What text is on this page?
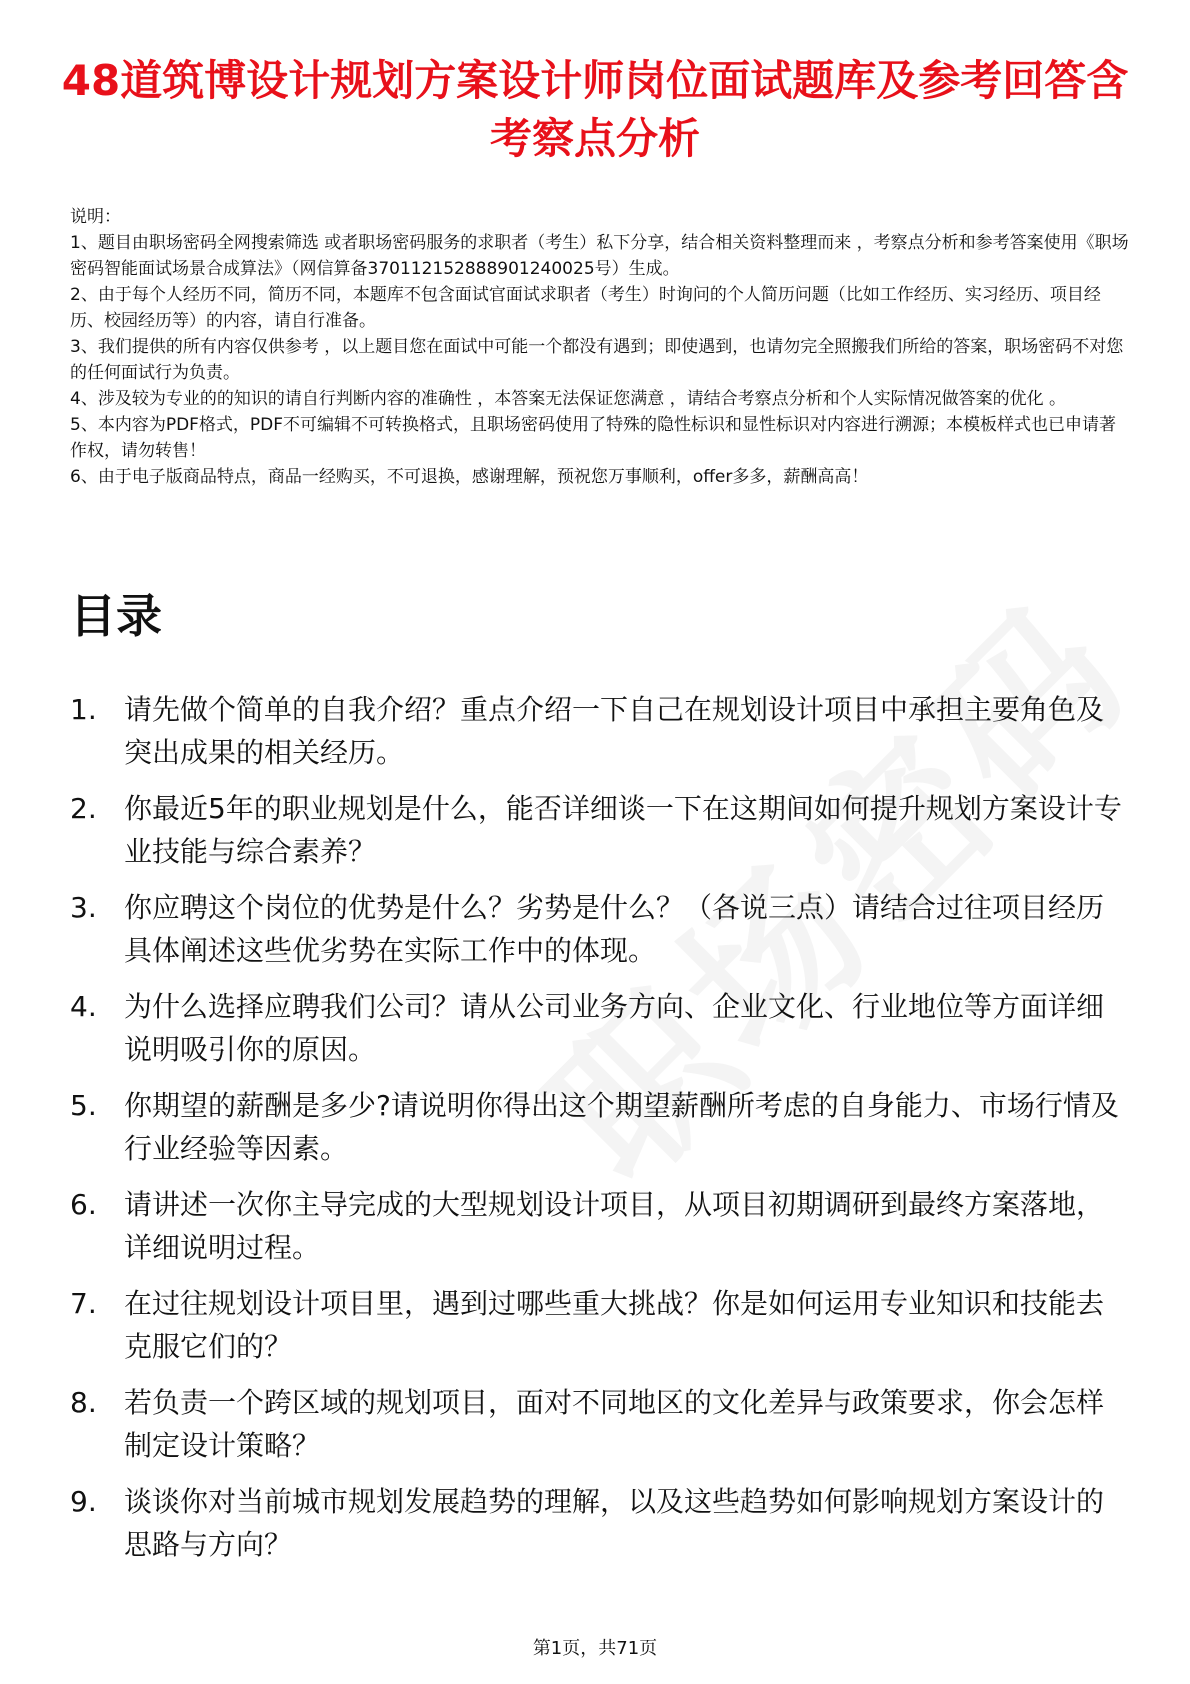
48道筑博设计规划方案设计师岗位面试题库及参考回答含考察点分析

说明：

1、题目由职场密码全网搜索筛选 或者职场密码服务的求职者（考生）私下分享，结合相关资料整理而来 ，考察点分析和参考答案使用《职场密码智能面试场景合成算法》（网信算备370112152888901240025号）生成。

2、由于每个人经历不同，简历不同，本题库不包含面试官面试求职者（考生）时询问的个人简历问题（比如工作经历、实习经历、项目经历、校园经历等）的内容，请自行准备。

3、我们提供的所有内容仅供参考 ，以上题目您在面试中可能一个都没有遇到；即使遇到，也请勿完全照搬我们所给的答案，职场密码不对您的任何面试行为负责。

4、涉及较为专业的的知识的请自行判断内容的准确性 ，本答案无法保证您满意 ，请结合考察点分析和个人实际情况做答案的优化 。

5、本内容为PDF格式，PDF不可编辑不可转换格式，且职场密码使用了特殊的隐性标识和显性标识对内容进行溯源；本模板样式也已申请著作权，请勿转售！

6、由于电子版商品特点，商品一经购买，不可退换，感谢理解，预祝您万事顺利，offer多多，薪酬高高！

目录
1. 请先做个简单的自我介绍？重点介绍一下自己在规划设计项目中承担主要角色及突出成果的相关经历。
2. 你最近5年的职业规划是什么，能否详细谈一下在这期间如何提升规划方案设计专业技能与综合素养？
3. 你应聘这个岗位的优势是什么？劣势是什么？（各说三点）请结合过往项目经历具体阐述这些优劣势在实际工作中的体现。
4. 为什么选择应聘我们公司？请从公司业务方向、企业文化、行业地位等方面详细说明吸引你的原因。
5. 你期望的薪酬是多少?请说明你得出这个期望薪酬所考虑的自身能力、市场行情及行业经验等因素。
6. 请讲述一次你主导完成的大型规划设计项目，从项目初期调研到最终方案落地，详细说明过程。
7. 在过往规划设计项目里，遇到过哪些重大挑战？你是如何运用专业知识和技能去克服它们的？
8. 若负责一个跨区域的规划项目，面对不同地区的文化差异与政策要求，你会怎样制定设计策略？
9. 谈谈你对当前城市规划发展趋势的理解，以及这些趋势如何影响规划方案设计的思路与方向？
第1页，共71页
